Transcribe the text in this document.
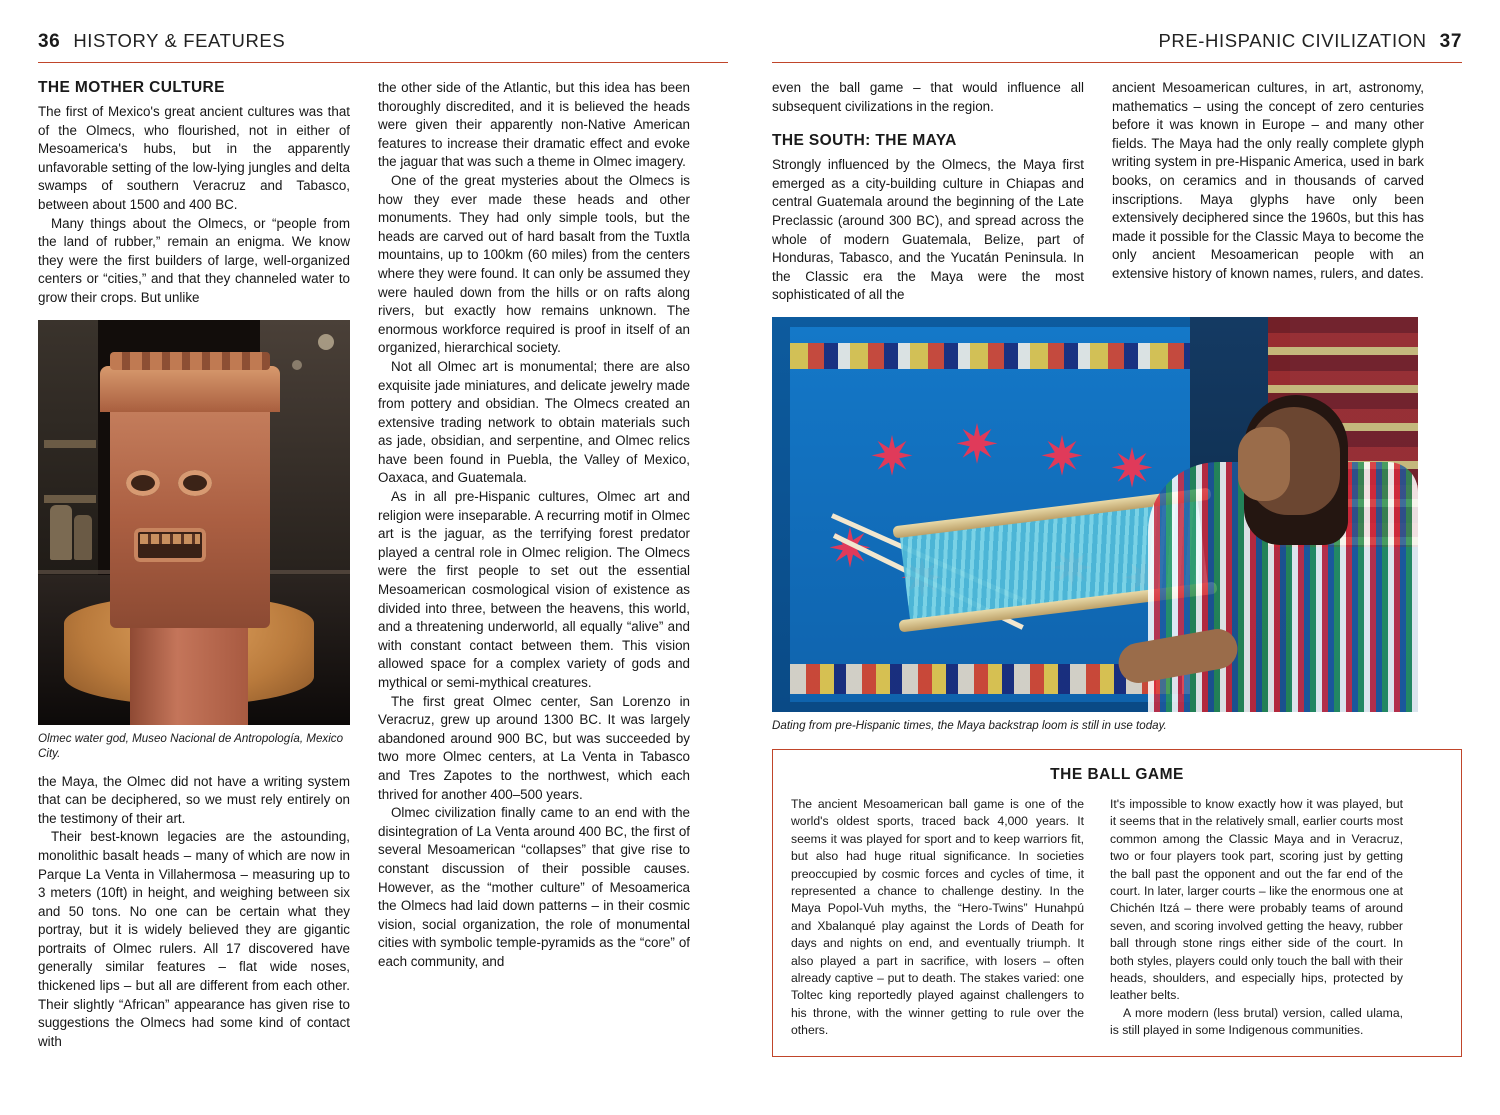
36 HISTORY & FEATURES
THE MOTHER CULTURE

The first of Mexico's great ancient cultures was that of the Olmecs, who flourished, not in either of Mesoamerica's hubs, but in the apparently unfavorable setting of the low-lying jungles and delta swamps of southern Veracruz and Tabasco, between about 1500 and 400 BC.

Many things about the Olmecs, or “people from the land of rubber,” remain an enigma. We know they were the first builders of large, well-organized centers or “cities,” and that they channeled water to grow their crops. But unlike

Olmec water god, Museo Nacional de Antropología, Mexico City.

the Maya, the Olmec did not have a writing system that can be deciphered, so we must rely entirely on the testimony of their art.

Their best-known legacies are the astounding, monolithic basalt heads – many of which are now in Parque La Venta in Villahermosa – measuring up to 3 meters (10ft) in height, and weighing between six and 50 tons. No one can be certain what they portray, but it is widely believed they are gigantic portraits of Olmec rulers. All 17 discovered have generally similar features – flat wide noses, thickened lips – but all are different from each other. Their slightly “African” appearance has given rise to suggestions the Olmecs had some kind of contact with

the other side of the Atlantic, but this idea has been thoroughly discredited, and it is believed the heads were given their apparently non-Native American features to increase their dramatic effect and evoke the jaguar that was such a theme in Olmec imagery.

One of the great mysteries about the Olmecs is how they ever made these heads and other monuments. They had only simple tools, but the heads are carved out of hard basalt from the Tuxtla mountains, up to 100km (60 miles) from the centers where they were found. It can only be assumed they were hauled down from the hills or on rafts along rivers, but exactly how remains unknown. The enormous workforce required is proof in itself of an organized, hierarchical society.

Not all Olmec art is monumental; there are also exquisite jade miniatures, and delicate jewelry made from pottery and obsidian. The Olmecs created an extensive trading network to obtain materials such as jade, obsidian, and serpentine, and Olmec relics have been found in Puebla, the Valley of Mexico, Oaxaca, and Guatemala.

As in all pre-Hispanic cultures, Olmec art and religion were inseparable. A recurring motif in Olmec art is the jaguar, as the terrifying forest predator played a central role in Olmec religion. The Olmecs were the first people to set out the essential Mesoamerican cosmological vision of existence as divided into three, between the heavens, this world, and a threatening underworld, all equally “alive” and with constant contact between them. This vision allowed space for a complex variety of gods and mythical or semi-mythical creatures.

The first great Olmec center, San Lorenzo in Veracruz, grew up around 1300 BC. It was largely abandoned around 900 BC, but was succeeded by two more Olmec centers, at La Venta in Tabasco and Tres Zapotes to the northwest, which each thrived for another 400–500 years.

Olmec civilization finally came to an end with the disintegration of La Venta around 400 BC, the first of several Mesoamerican “collapses” that give rise to constant discussion of their possible causes. However, as the “mother culture” of Mesoamerica the Olmecs had laid down patterns – in their cosmic vision, social organization, the role of monumental cities with symbolic temple-pyramids as the “core” of each community, and

PRE-HISPANIC CIVILIZATION 37

even the ball game – that would influence all subsequent civilizations in the region.

THE SOUTH: THE MAYA

Strongly influenced by the Olmecs, the Maya first emerged as a city-building culture in Chiapas and central Guatemala around the beginning of the Late Preclassic (around 300 BC), and spread across the whole of modern Guatemala, Belize, part of Honduras, Tabasco, and the Yucatán Peninsula. In the Classic era the Maya were the most sophisticated of all the

ancient Mesoamerican cultures, in art, astronomy, mathematics – using the concept of zero centuries before it was known in Europe – and many other fields. The Maya had the only really complete glyph writing system in pre-Hispanic America, used in bark books, on ceramics and in thousands of carved inscriptions. Maya glyphs have only been extensively deciphered since the 1960s, but this has made it possible for the Classic Maya to become the only ancient Mesoamerican people with an extensive history of known names, rulers, and dates.

Dating from pre-Hispanic times, the Maya backstrap loom is still in use today.
THE BALL GAME

The ancient Mesoamerican ball game is one of the world's oldest sports, traced back 4,000 years. It seems it was played for sport and to keep warriors fit, but also had huge ritual significance. In societies preoccupied by cosmic forces and cycles of time, it represented a chance to challenge destiny. In the Maya Popol-Vuh myths, the “Hero-Twins” Hunahpú and Xbalanqué play against the Lords of Death for days and nights on end, and eventually triumph. It also played a part in sacrifice, with losers – often already captive – put to death. The stakes varied: one Toltec king reportedly played against challengers to his throne, with the winner getting to rule over the others.

It's impossible to know exactly how it was played, but it seems that in the relatively small, earlier courts most common among the Classic Maya and in Veracruz, two or four players took part, scoring just by getting the ball past the opponent and out the far end of the court. In later, larger courts – like the enormous one at Chichén Itzá – there were probably teams of around seven, and scoring involved getting the heavy, rubber ball through stone rings either side of the court. In both styles, players could only touch the ball with their heads, shoulders, and especially hips, protected by leather belts.

A more modern (less brutal) version, called ulama, is still played in some Indigenous communities.
